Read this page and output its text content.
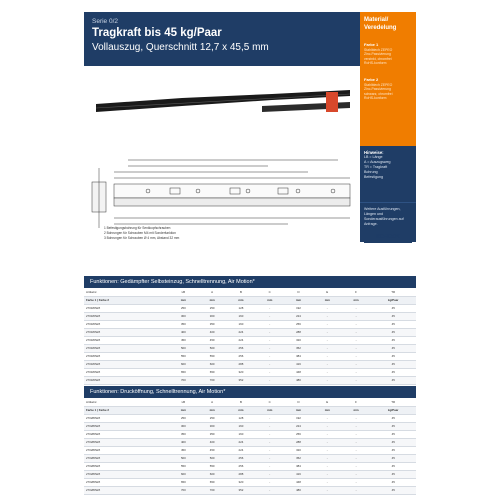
Serie 0/2
Tragkraft bis 45 kg/Paar
Vollauszug, Querschnitt 12,7 x 45,5 mm
Material/ Veredelung
Farbe 1
Stahlblech ZEPEO
Zinc-Passivierung
verzinkt, chromfrei
RoHS-konform
Farbe 2
Stahlblech ZEPEO
Zinc-Passivierung
schwarz, chromfrei
RoHS-konform
Hinweise:
LB = Länge
A = Auszugsweg
TR = Tragkraft
Bohrung
Befestigung
Weitere Ausführungen, Längen und Sonderausführungen auf Anfrage.
SCHOCK
1 Befestigungsbohrung für Senkkopfschrauben
2 Bohrungen für Schrauben M4 mit Sonderfunktion
3 Bohrungen für Schrauben Ø 4 mm, Abstand 32 mm
Funktionen: Gedämpfter Selbsteinzug, Schnelltrennung, Air Motion*
Artikelnr.	LB	A	B	C	D	E	F	TR
Farbe 1 | Farbe 2	mm	mm	mm	mm	mm	mm	mm	kg/Paar
270180WZ	250	250	128	-	192	-	-	45
270180WZ	300	300	160	-	224	-	-	45
270180WZ	350	350	160	-	256	-	-	45
270180WZ	400	400	224	-	288	-	-	45
270180WZ	450	450	224	-	320	-	-	45
270180WZ	500	500	256	-	352	-	-	45
270180WZ	550	550	256	-	384	-	-	45
270180WZ	600	600	288	-	416	-	-	45
270180WZ	650	650	320	-	448	-	-	45
270180WZ	700	700	352	-	480	-	-	45
Funktionen: Drucköffnung, Schnelltrennung, Air Motion*
Artikelnr.	LB	A	B	C	D	E	F	TR
Farbe 1 | Farbe 2	mm	mm	mm	mm	mm	mm	mm	kg/Paar
270280WZ	250	250	128	-	192	-	-	45
270280WZ	300	300	160	-	224	-	-	45
270280WZ	350	350	160	-	256	-	-	45
270280WZ	400	400	224	-	288	-	-	45
270280WZ	450	450	224	-	320	-	-	45
270280WZ	500	500	256	-	352	-	-	45
270280WZ	550	550	256	-	384	-	-	45
270280WZ	600	600	288	-	416	-	-	45
270280WZ	650	650	320	-	448	-	-	45
270280WZ	700	700	352	-	480	-	-	45
